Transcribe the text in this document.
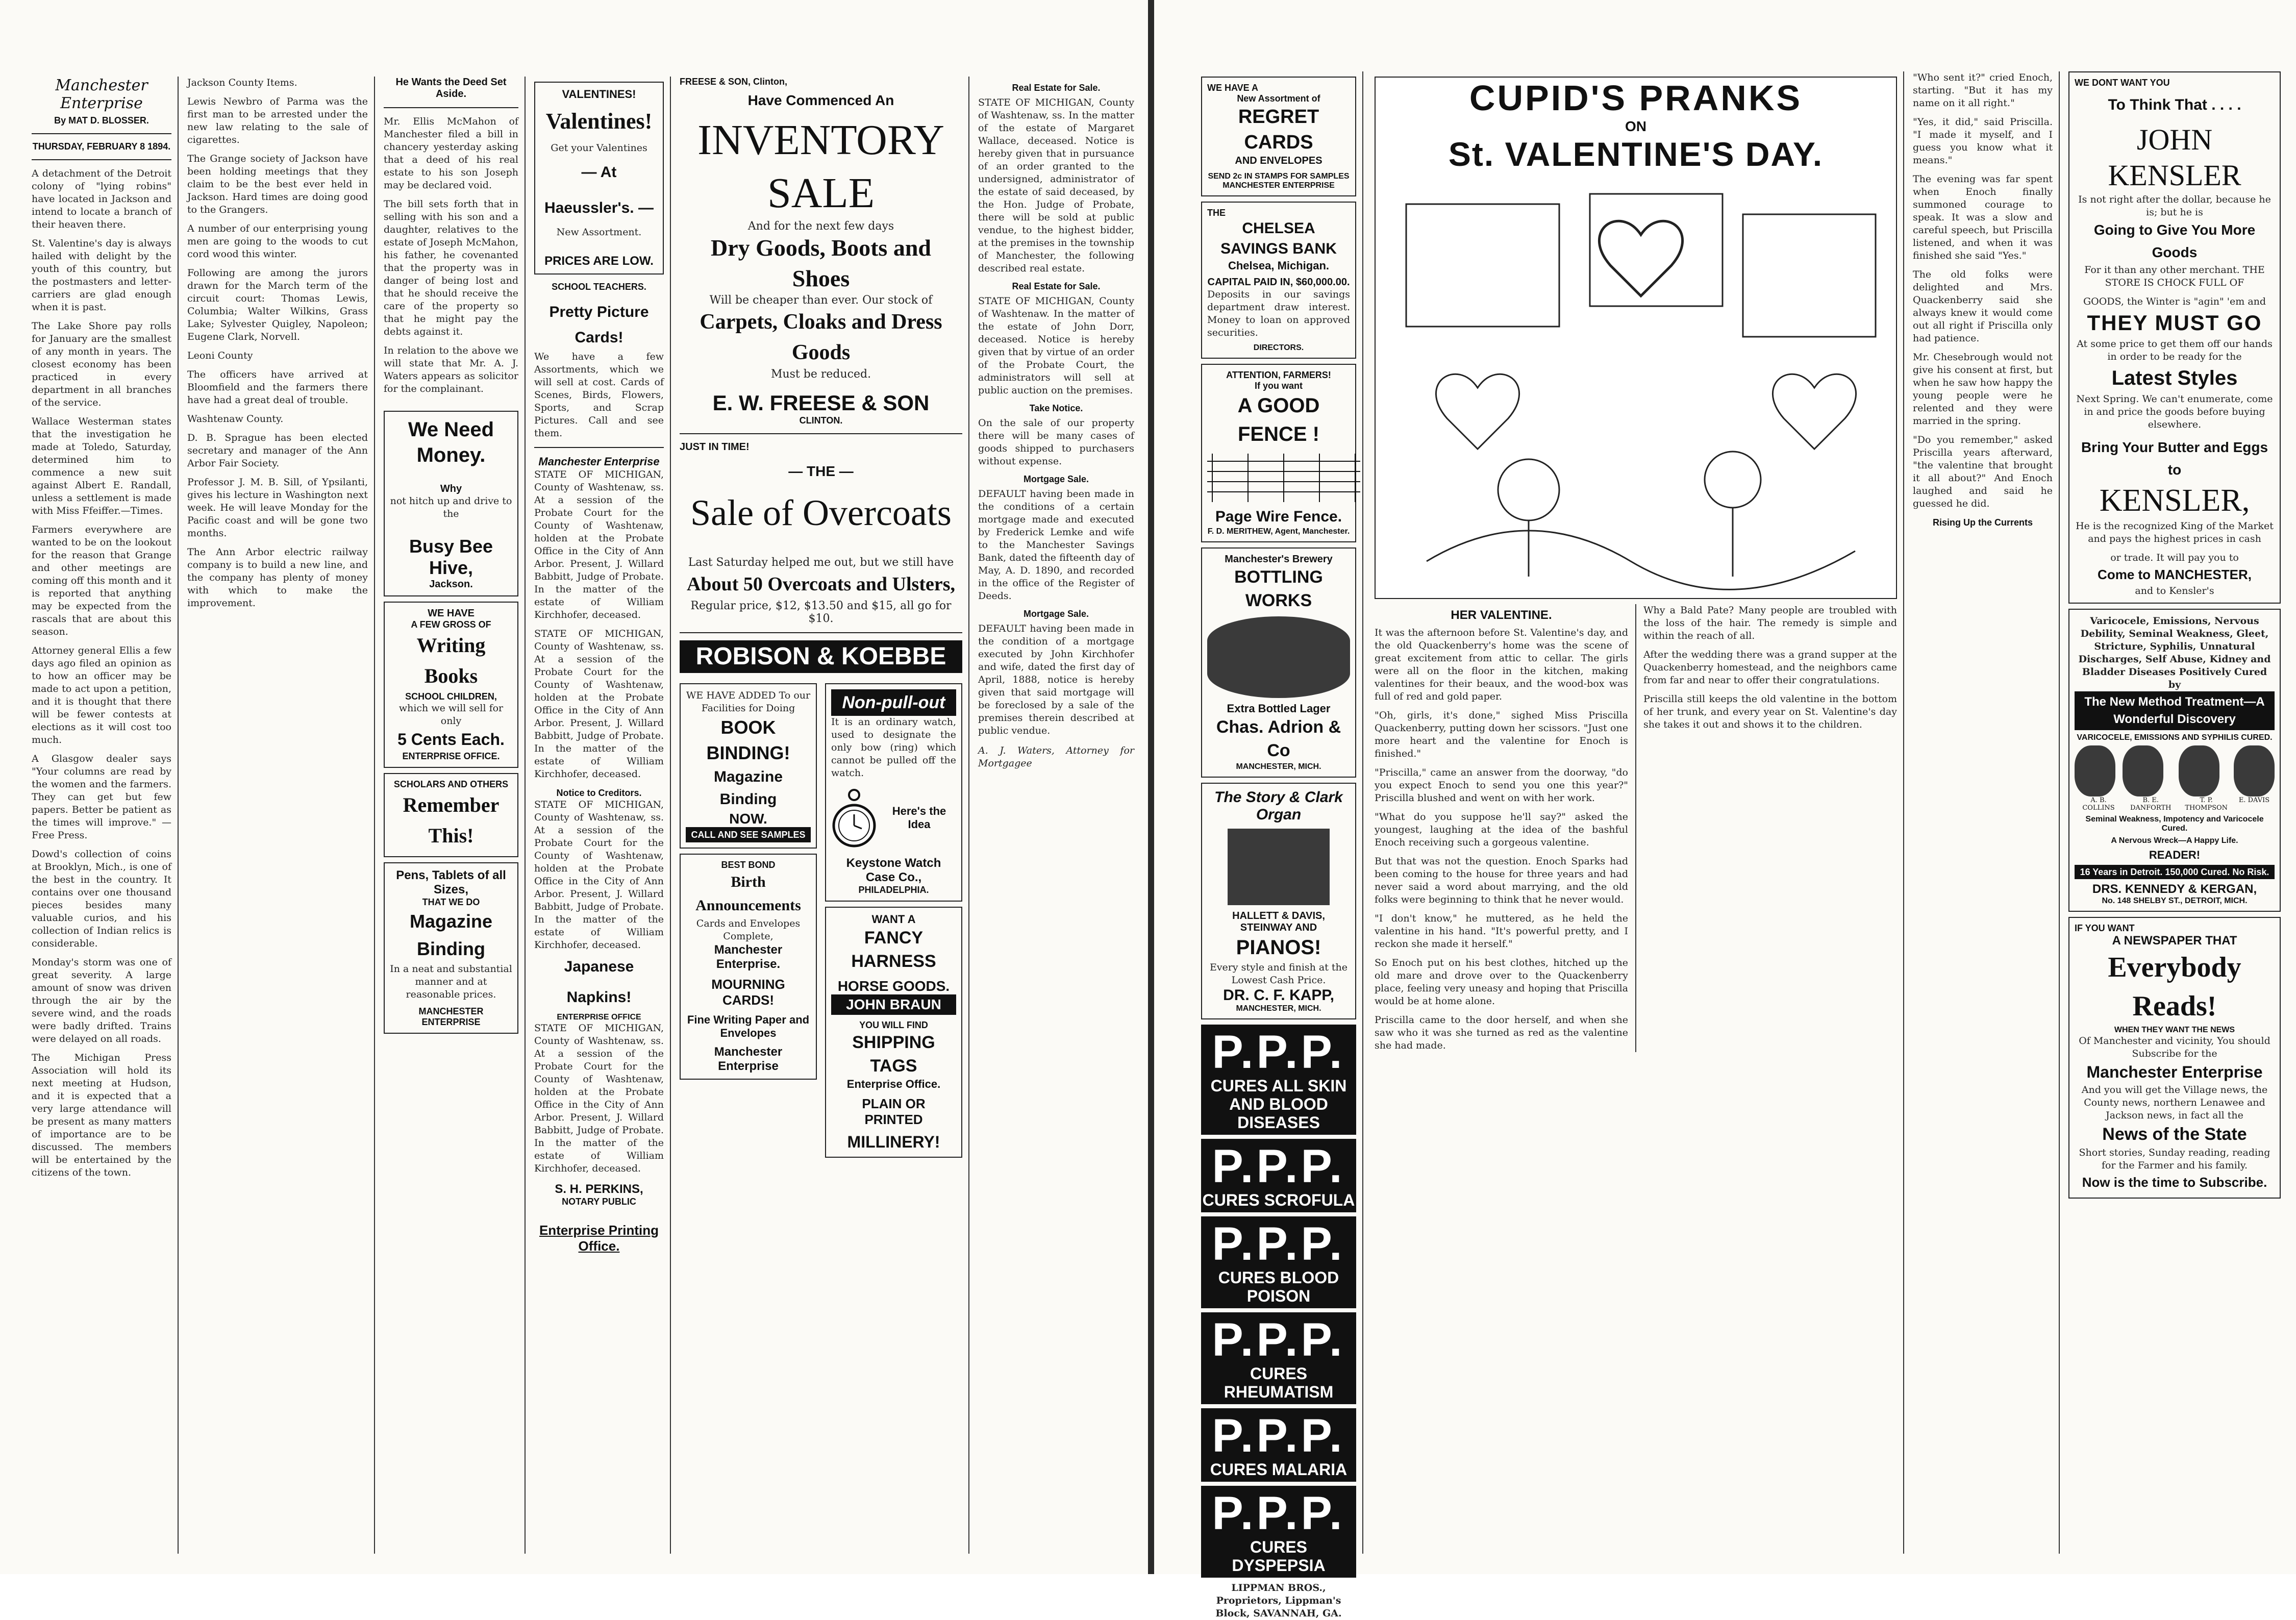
Manchester Enterprise
By MAT D. BLOSSER.
THURSDAY, FEBRUARY 8 1894.
A detachment of the Detroit colony of "lying robins" have located in Jackson and intend to locate a branch of their heaven there.
St. Valentine's day is always hailed with delight by the youth of this country, but the postmasters and letter-carriers are glad enough when it is past.
The Lake Shore pay rolls for January are the smallest of any month in years. The closest economy has been practiced in every department in all branches of the service.
Wallace Westerman states that the investigation he made at Toledo, Saturday, determined him to commence a new suit against Albert E. Randall, unless a settlement is made with Miss Ffeiffer.—Times.
Farmers everywhere are wanted to be on the lookout for the reason that Grange and other meetings are coming off this month and it is reported that anything may be expected from the rascals that are about this season.
Attorney general Ellis a few days ago filed an opinion as to how an officer may be made to act upon a petition, and it is thought that there will be fewer contests at elections as it will cost too much.
A Glasgow dealer says "Your columns are read by the women and the farmers. They can get but few papers. Better be patient as the times will improve." —Free Press.
Dowd's collection of coins at Brooklyn, Mich., is one of the best in the country. It contains over one thousand pieces besides many valuable curios, and his collection of Indian relics is considerable.
Monday's storm was one of great severity. A large amount of snow was driven through the air by the severe wind, and the roads were badly drifted. Trains were delayed on all roads.
The Michigan Press Association will hold its next meeting at Hudson, and it is expected that a very large attendance will be present as many matters of importance are to be discussed. The members will be entertained by the citizens of the town.
Jackson County Items.
Lewis Newbro of Parma was the first man to be arrested under the new law relating to the sale of cigarettes.
The Grange society of Jackson have been holding meetings that they claim to be the best ever held in Jackson. Hard times are doing good to the Grangers.
A number of our enterprising young men are going to the woods to cut cord wood this winter.
Following are among the jurors drawn for the March term of the circuit court: Thomas Lewis, Columbia; Walter Wilkins, Grass Lake; Sylvester Quigley, Napoleon; Eugene Clark, Norvell.
Leoni County
The officers have arrived at Bloomfield and the farmers there have had a great deal of trouble.
Washtenaw County.
D. B. Sprague has been elected secretary and manager of the Ann Arbor Fair Society.
Professor J. M. B. Sill, of Ypsilanti, gives his lecture in Washington next week. He will leave Monday for the Pacific coast and will be gone two months.
The Ann Arbor electric railway company is to build a new line, and the company has plenty of money with which to make the improvement.
He Wants the Deed Set Aside.
Mr. Ellis McMahon of Manchester filed a bill in chancery yesterday asking that a deed of his real estate to his son Joseph may be declared void.
The bill sets forth that in selling with his son and a daughter, relatives to the estate of Joseph McMahon, his father, he covenanted that the property was in danger of being lost and that he should receive the care of the property so that he might pay the debts against it.
In relation to the above we will state that Mr. A. J. Waters appears as solicitor for the complainant.
We Need Money.
Why
not hitch up and drive to the
Busy Bee Hive,
Jackson.
WE HAVE
A FEW GROSS OF
Writing Books
SCHOOL CHILDREN,
which we will sell for only
5 Cents Each.
ENTERPRISE OFFICE.
SCHOLARS AND OTHERS
Remember This!
Pens, Tablets of all Sizes,
THAT WE DO
Magazine Binding
In a neat and substantial manner and at reasonable prices.
MANCHESTER ENTERPRISE
VALENTINES!
Valentines!
Get your Valentines
— At Haeussler's. —
New Assortment.
PRICES ARE LOW.
SCHOOL TEACHERS.
Pretty Picture Cards!
We have a few Assortments, which we will sell at cost. Cards of Scenes, Birds, Flowers, Sports, and Scrap Pictures. Call and see them.
Manchester Enterprise
STATE OF MICHIGAN, County of Washtenaw, ss. At a session of the Probate Court for the County of Washtenaw, holden at the Probate Office in the City of Ann Arbor. Present, J. Willard Babbitt, Judge of Probate. In the matter of the estate of William Kirchhofer, deceased.
STATE OF MICHIGAN, County of Washtenaw, ss. At a session of the Probate Court for the County of Washtenaw, holden at the Probate Office in the City of Ann Arbor. Present, J. Willard Babbitt, Judge of Probate. In the matter of the estate of William Kirchhofer, deceased.
Notice to Creditors.
STATE OF MICHIGAN, County of Washtenaw, ss. At a session of the Probate Court for the County of Washtenaw, holden at the Probate Office in the City of Ann Arbor. Present, J. Willard Babbitt, Judge of Probate. In the matter of the estate of William Kirchhofer, deceased.
Japanese Napkins!
ENTERPRISE OFFICE
STATE OF MICHIGAN, County of Washtenaw, ss. At a session of the Probate Court for the County of Washtenaw, holden at the Probate Office in the City of Ann Arbor. Present, J. Willard Babbitt, Judge of Probate. In the matter of the estate of William Kirchhofer, deceased.
S. H. PERKINS,
NOTARY PUBLIC
Enterprise Printing Office.
FREESE & SON, Clinton,
Have Commenced An
INVENTORY SALE
And for the next few days
Dry Goods, Boots and Shoes
Will be cheaper than ever. Our stock of
Carpets, Cloaks and Dress Goods
Must be reduced.
E. W. FREESE & SON
CLINTON.
JUST IN TIME!
— THE —
Sale of Overcoats
Last Saturday helped me out, but we still have
About 50 Overcoats and Ulsters,
Regular price, $12, $13.50 and $15, all go for $10.
ROBISON & KOEBBE
WE HAVE ADDED To our Facilities for Doing
BOOK BINDING!
Magazine Binding
NOW.
CALL AND SEE SAMPLES
BEST BOND
Birth Announcements
Cards and Envelopes Complete,
Manchester Enterprise.
MOURNING CARDS!
Fine Writing Paper and Envelopes
Manchester Enterprise
Non-pull-out
It is an ordinary watch, used to designate the only bow (ring) which cannot be pulled off the watch.
Here's the Idea
Keystone Watch Case Co.,
PHILADELPHIA.
WANT A
FANCY HARNESS
HORSE GOODS.
JOHN BRAUN
YOU WILL FIND
SHIPPING TAGS
Enterprise Office.
PLAIN OR PRINTED
MILLINERY!
Real Estate for Sale.
STATE OF MICHIGAN, County of Washtenaw, ss. In the matter of the estate of Margaret Wallace, deceased. Notice is hereby given that in pursuance of an order granted to the undersigned, administrator of the estate of said deceased, by the Hon. Judge of Probate, there will be sold at public vendue, to the highest bidder, at the premises in the township of Manchester, the following described real estate.
Real Estate for Sale.
STATE OF MICHIGAN, County of Washtenaw. In the matter of the estate of John Dorr, deceased. Notice is hereby given that by virtue of an order of the Probate Court, the administrators will sell at public auction on the premises.
Take Notice.
On the sale of our property there will be many cases of goods shipped to purchasers without expense.
Mortgage Sale.
DEFAULT having been made in the conditions of a certain mortgage made and executed by Frederick Lemke and wife to the Manchester Savings Bank, dated the fifteenth day of May, A. D. 1890, and recorded in the office of the Register of Deeds.
Mortgage Sale.
DEFAULT having been made in the condition of a mortgage executed by John Kirchhofer and wife, dated the first day of April, 1888, notice is hereby given that said mortgage will be foreclosed by a sale of the premises therein described at public vendue.
A. J. Waters, Attorney for Mortgagee
WE HAVE A
New Assortment of
REGRET CARDS
AND ENVELOPES
SEND 2c IN STAMPS FOR SAMPLES
MANCHESTER ENTERPRISE
THE
CHELSEA SAVINGS BANK
Chelsea, Michigan.
CAPITAL PAID IN, $60,000.00.
Deposits in our savings department draw interest. Money to loan on approved securities.
DIRECTORS.
ATTENTION, FARMERS!
If you want
A GOOD FENCE !
Page Wire Fence.
F. D. MERITHEW, Agent, Manchester.
Manchester's Brewery
BOTTLING WORKS
Extra Bottled Lager
Chas. Adrion & Co
MANCHESTER, MICH.
The Story & Clark Organ
HALLETT & DAVIS,
STEINWAY AND
PIANOS!
Every style and finish at the Lowest Cash Price.
DR. C. F. KAPP,
MANCHESTER, MICH.
P.P.P.
CURES ALL SKIN AND BLOOD DISEASES
P.P.P.
CURES SCROFULA
P.P.P.
CURES BLOOD POISON
P.P.P.
CURES RHEUMATISM
P.P.P.
CURES MALARIA
P.P.P.
CURES DYSPEPSIA
LIPPMAN BROS., Proprietors, Lippman's Block, SAVANNAH, GA.
CUPID'S PRANKS
ON
St. VALENTINE'S DAY.
HER VALENTINE.
It was the afternoon before St. Valentine's day, and the old Quackenberry's home was the scene of great excitement from attic to cellar. The girls were all on the floor in the kitchen, making valentines for their beaux, and the wood-box was full of red and gold paper.
"Oh, girls, it's done," sighed Miss Priscilla Quackenberry, putting down her scissors. "Just one more heart and the valentine for Enoch is finished."
"Priscilla," came an answer from the doorway, "do you expect Enoch to send you one this year?" Priscilla blushed and went on with her work.
"What do you suppose he'll say?" asked the youngest, laughing at the idea of the bashful Enoch receiving such a gorgeous valentine.
But that was not the question. Enoch Sparks had been coming to the house for three years and had never said a word about marrying, and the old folks were beginning to think that he never would.
"I don't know," he muttered, as he held the valentine in his hand. "It's powerful pretty, and I reckon she made it herself."
So Enoch put on his best clothes, hitched up the old mare and drove over to the Quackenberry place, feeling very uneasy and hoping that Priscilla would be at home alone.
Priscilla came to the door herself, and when she saw who it was she turned as red as the valentine she had made.
Why a Bald Pate? Many people are troubled with the loss of the hair. The remedy is simple and within the reach of all.
After the wedding there was a grand supper at the Quackenberry homestead, and the neighbors came from far and near to offer their congratulations.
Priscilla still keeps the old valentine in the bottom of her trunk, and every year on St. Valentine's day she takes it out and shows it to the children.
"Who sent it?" cried Enoch, starting. "But it has my name on it all right."
"Yes, it did," said Priscilla. "I made it myself, and I guess you know what it means."
The evening was far spent when Enoch finally summoned courage to speak. It was a slow and careful speech, but Priscilla listened, and when it was finished she said "Yes."
The old folks were delighted and Mrs. Quackenberry said she always knew it would come out all right if Priscilla only had patience.
Mr. Chesebrough would not give his consent at first, but when he saw how happy the young people were he relented and they were married in the spring.
"Do you remember," asked Priscilla years afterward, "the valentine that brought it all about?" And Enoch laughed and said he guessed he did.
Rising Up the Currents
WE DONT WANT YOU
To Think That . . . .
JOHN KENSLER
Is not right after the dollar, because he is; but he is
Going to Give You More Goods
For it than any other merchant. THE STORE IS CHOCK FULL OF
GOODS, the Winter is "agin" 'em and
THEY MUST GO
At some price to get them off our hands in order to be ready for the
Latest Styles
Next Spring. We can't enumerate, come in and price the goods before buying elsewhere.
Bring Your Butter and Eggs to
KENSLER,
He is the recognized King of the Market and pays the highest prices in cash
or trade. It will pay you to
Come to MANCHESTER,
and to Kensler's
Varicocele, Emissions, Nervous Debility, Seminal Weakness, Gleet, Stricture, Syphilis, Unnatural Discharges, Self Abuse, Kidney and Bladder Diseases Positively Cured by
The New Method Treatment—A Wonderful Discovery
VARICOCELE, EMISSIONS AND SYPHILIS CURED.
A. B. COLLINS
B. E. DANFORTH
T. P. THOMPSON
E. DAVIS
Seminal Weakness, Impotency and Varicocele Cured.
A Nervous Wreck—A Happy Life.
READER!
16 Years in Detroit. 150,000 Cured. No Risk.
DRS. KENNEDY & KERGAN,
No. 148 SHELBY ST., DETROIT, MICH.
IF YOU WANT
A NEWSPAPER THAT
Everybody Reads!
WHEN THEY WANT THE NEWS
Of Manchester and vicinity, You should Subscribe for the
Manchester Enterprise
And you will get the Village news, the County news, northern Lenawee and Jackson news, in fact all the
News of the State
Short stories, Sunday reading, reading for the Farmer and his family.
Now is the time to Subscribe.
